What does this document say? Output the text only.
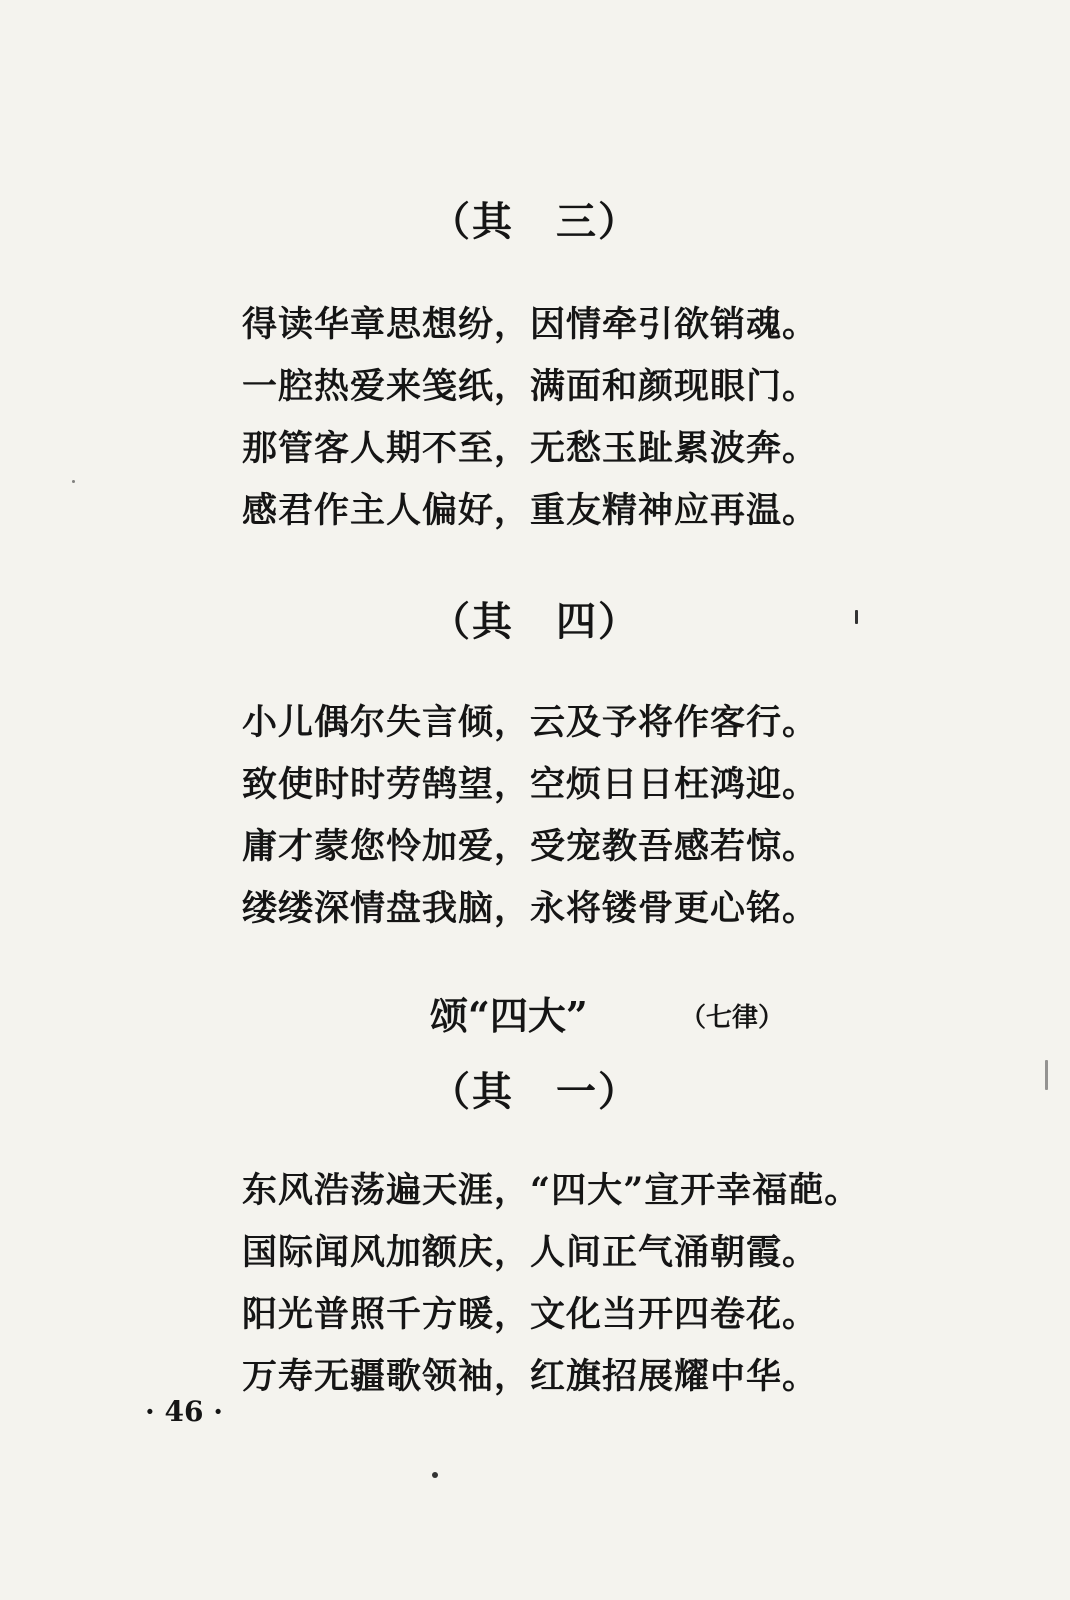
（其　三）
得读华章思想纷，因情牵引欲销魂。
一腔热爱来笺纸，满面和颜现眼门。
那管客人期不至，无愁玉趾累波奔。
感君作主人偏好，重友精神应再温。
（其　四）
小儿偶尔失言倾，云及予将作客行。
致使时时劳鹄望，空烦日日枉鸿迎。
庸才蒙您怜加爱，受宠教吾感若惊。
缕缕深情盘我脑，永将镂骨更心铭。
颂“四大”	（七律）
（其　一）
东风浩荡遍天涯，“四大”宣开幸福葩。
国际闻风加额庆，人间正气涌朝霞。
阳光普照千方暖，文化当开四卷花。
万寿无疆歌领袖，红旗招展耀中华。
· 46 ·
